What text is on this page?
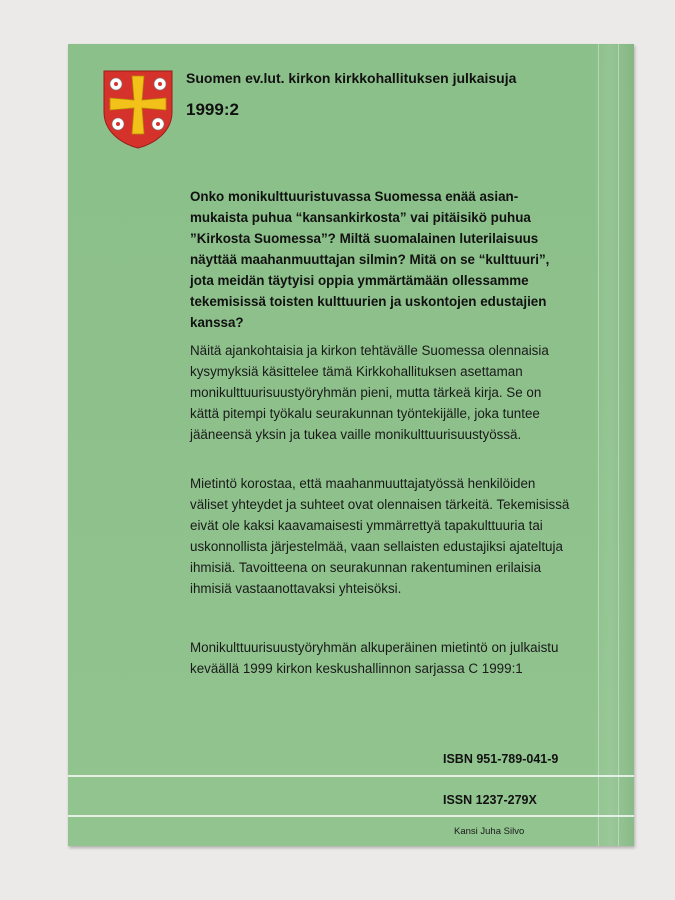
Suomen ev.lut. kirkon kirkkohallituksen julkaisuja
1999:2

Onko monikulttuuristuvassa Suomessa enää asianmukaista puhua “kansankirkosta” vai pitäisikö puhua ”Kirkosta Suomessa”? Miltä suomalainen luterilaisuus näyttää maahanmuuttajan silmin? Mitä on se “kulttuuri”, jota meidän täytyisi oppia ymmärtämään ollessamme tekemisissä toisten kulttuurien ja uskontojen edustajien kanssa?

Näitä ajankohtaisia ja kirkon tehtävälle Suomessa olennaisia kysymyksiä käsittelee tämä Kirkkohallituksen asettaman monikulttuurisuustyöryhmän pieni, mutta tärkeä kirja. Se on kättä pitempi työkalu seurakunnan työntekijälle, joka tuntee jääneensä yksin ja tukea vaille monikulttuurisuustyössä.

Mietintö korostaa, että maahanmuuttajatyössä henkilöiden väliset yhteydet ja suhteet ovat olennaisen tärkeitä. Tekemisissä eivät ole kaksi kaavamaisesti ymmärrettyä tapakulttuuria tai uskonnollista järjestelmää, vaan sellaisten edustajiksi ajateltuja ihmisiä. Tavoitteena on seurakunnan rakentuminen erilaisia ihmisiä vastaanottavaksi yhteisöksi.

Monikulttuurisuustyöryhmän alkuperäinen mietintö on julkaistu keväällä 1999 kirkon keskushallinnon sarjassa C 1999:1

ISBN 951-789-041-9
ISSN 1237-279X
Kansi Juha Silvo
